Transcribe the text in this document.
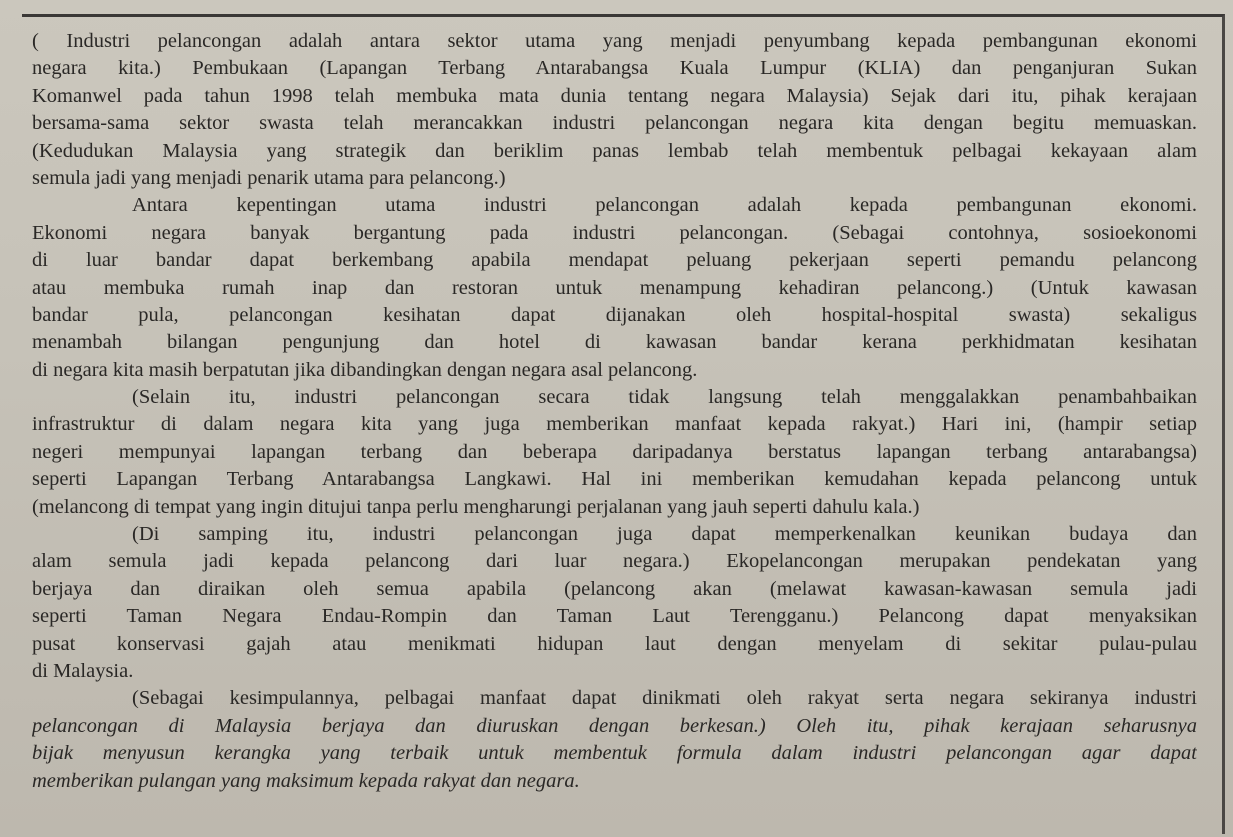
( Industri pelancongan adalah antara sektor utama yang menjadi penyumbang kepada pembangunan ekonomi
negara kita.) Pembukaan (Lapangan Terbang Antarabangsa Kuala Lumpur (KLIA) dan penganjuran Sukan
Komanwel pada tahun 1998 telah membuka mata dunia tentang negara Malaysia) Sejak dari itu, pihak kerajaan
bersama-sama sektor swasta telah merancakkan industri pelancongan negara kita dengan begitu memuaskan.
(Kedudukan Malaysia yang strategik dan beriklim panas lembab telah membentuk pelbagai kekayaan alam
semula jadi yang menjadi penarik utama para pelancong.)
Antara kepentingan utama industri pelancongan adalah kepada pembangunan ekonomi.
Ekonomi negara banyak bergantung pada industri pelancongan. (Sebagai contohnya, sosioekonomi
di luar bandar dapat berkembang apabila mendapat peluang pekerjaan seperti pemandu pelancong
atau membuka rumah inap dan restoran untuk menampung kehadiran pelancong.) (Untuk kawasan
bandar pula, pelancongan kesihatan dapat dijanakan oleh hospital-hospital swasta) sekaligus
menambah bilangan pengunjung dan hotel di kawasan bandar kerana perkhidmatan kesihatan
di negara kita masih berpatutan jika dibandingkan dengan negara asal pelancong.
(Selain itu, industri pelancongan secara tidak langsung telah menggalakkan penambahbaikan
infrastruktur di dalam negara kita yang juga memberikan manfaat kepada rakyat.) Hari ini, (hampir setiap
negeri mempunyai lapangan terbang dan beberapa daripadanya berstatus lapangan terbang antarabangsa)
seperti Lapangan Terbang Antarabangsa Langkawi. Hal ini memberikan kemudahan kepada pelancong untuk
(melancong di tempat yang ingin ditujui tanpa perlu mengharungi perjalanan yang jauh seperti dahulu kala.)
(Di samping itu, industri pelancongan juga dapat memperkenalkan keunikan budaya dan
alam semula jadi kepada pelancong dari luar negara.) Ekopelancongan merupakan pendekatan yang
berjaya dan diraikan oleh semua apabila (pelancong akan (melawat kawasan-kawasan semula jadi
seperti Taman Negara Endau-Rompin dan Taman Laut Terengganu.) Pelancong dapat menyaksikan
pusat konservasi gajah atau menikmati hidupan laut dengan menyelam di sekitar pulau-pulau
di Malaysia.
(Sebagai kesimpulannya, pelbagai manfaat dapat dinikmati oleh rakyat serta negara sekiranya industri
pelancongan di Malaysia berjaya dan diuruskan dengan berkesan.) Oleh itu, pihak kerajaan seharusnya
bijak menyusun kerangka yang terbaik untuk membentuk formula dalam industri pelancongan agar dapat
memberikan pulangan yang maksimum kepada rakyat dan negara.
